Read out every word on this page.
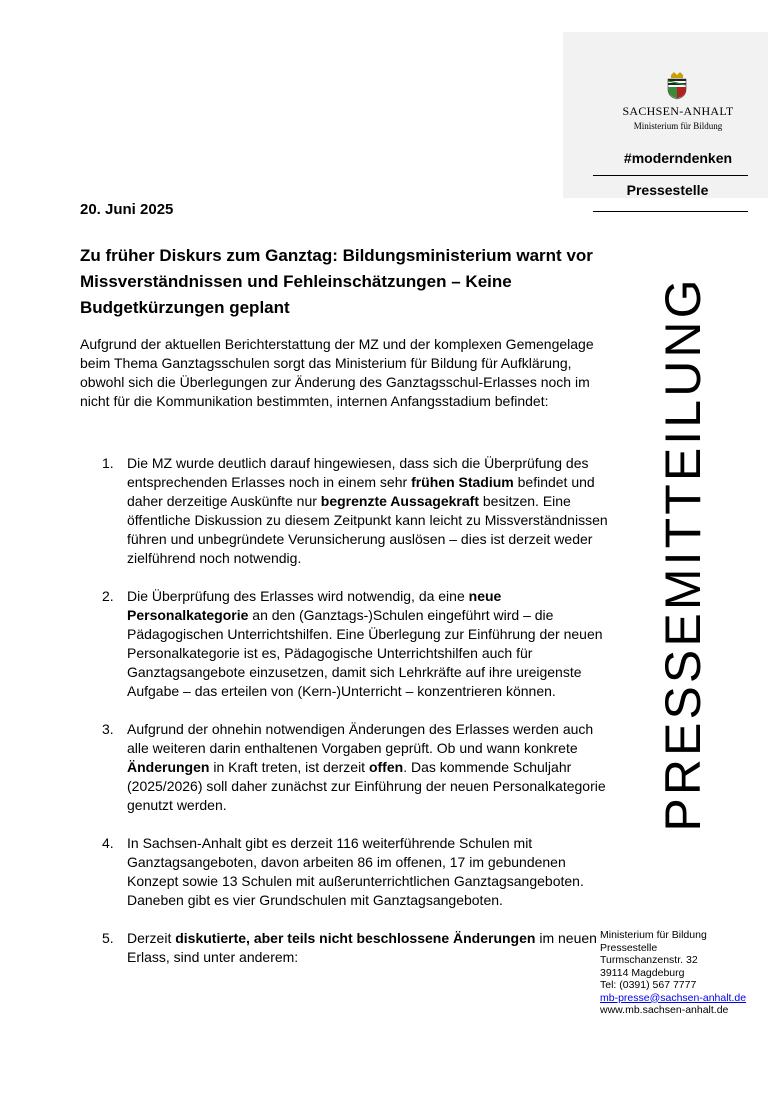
SACHSEN-ANHALT
Ministerium für Bildung
#moderndenken
Pressestelle
PRESSEMITTEILUNG
20. Juni 2025
Zu früher Diskurs zum Ganztag: Bildungsministerium warnt vor Missverständnissen und Fehleinschätzungen – Keine Budgetkürzungen geplant
Aufgrund der aktuellen Berichterstattung der MZ und der komplexen Gemengelage beim Thema Ganztagsschulen sorgt das Ministerium für Bildung für Aufklärung, obwohl sich die Überlegungen zur Änderung des Ganztagsschul-Erlasses noch im nicht für die Kommunikation bestimmten, internen Anfangsstadium befindet:
1. Die MZ wurde deutlich darauf hingewiesen, dass sich die Überprüfung des entsprechenden Erlasses noch in einem sehr frühen Stadium befindet und daher derzeitige Auskünfte nur begrenzte Aussagekraft besitzen. Eine öffentliche Diskussion zu diesem Zeitpunkt kann leicht zu Missverständnissen führen und unbegründete Verunsicherung auslösen – dies ist derzeit weder zielführend noch notwendig.
2. Die Überprüfung des Erlasses wird notwendig, da eine neue Personalkategorie an den (Ganztags-)Schulen eingeführt wird – die Pädagogischen Unterrichtshilfen. Eine Überlegung zur Einführung der neuen Personalkategorie ist es, Pädagogische Unterrichtshilfen auch für Ganztagsangebote einzusetzen, damit sich Lehrkräfte auf ihre ureigenste Aufgabe – das erteilen von (Kern-)Unterricht – konzentrieren können.
3. Aufgrund der ohnehin notwendigen Änderungen des Erlasses werden auch alle weiteren darin enthaltenen Vorgaben geprüft. Ob und wann konkrete Änderungen in Kraft treten, ist derzeit offen. Das kommende Schuljahr (2025/2026) soll daher zunächst zur Einführung der neuen Personalkategorie genutzt werden.
4. In Sachsen-Anhalt gibt es derzeit 116 weiterführende Schulen mit Ganztagsangeboten, davon arbeiten 86 im offenen, 17 im gebundenen Konzept sowie 13 Schulen mit außerunterrichtlichen Ganztagsangeboten. Daneben gibt es vier Grundschulen mit Ganztagsangeboten.
5. Derzeit diskutierte, aber teils nicht beschlossene Änderungen im neuen Erlass, sind unter anderem:
Ministerium für Bildung
Pressestelle
Turmschanzenstr. 32
39114 Magdeburg
Tel: (0391) 567 7777
mb-presse@sachsen-anhalt.de
www.mb.sachsen-anhalt.de
